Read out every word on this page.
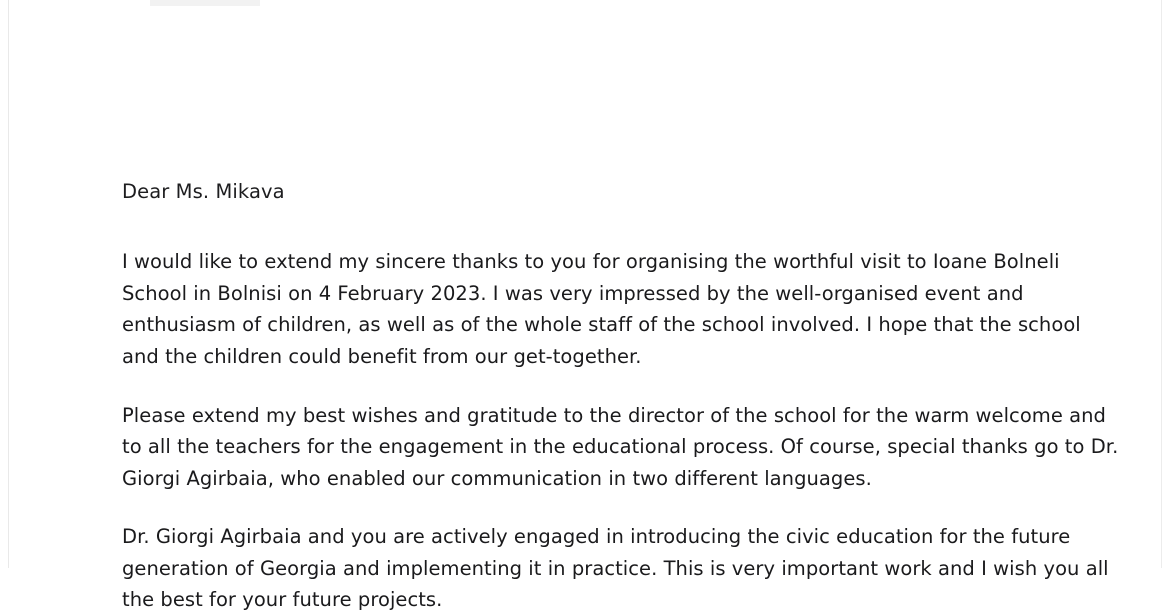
Dear Ms. Mikava

I would like to extend my sincere thanks to you for organising the worthful visit to Ioane Bolneli School in Bolnisi on 4 February 2023. I was very impressed by the well-organised event and enthusiasm of children, as well as of the whole staff of the school involved. I hope that the school and the children could benefit from our get-together.

Please extend my best wishes and gratitude to the director of the school for the warm welcome and to all the teachers for the engagement in the educational process. Of course, special thanks go to Dr. Giorgi Agirbaia, who enabled our communication in two different languages.

Dr. Giorgi Agirbaia and you are actively engaged in introducing the civic education for the future generation of Georgia and implementing it in practice. This is very important work and I wish you all the best for your future projects.
